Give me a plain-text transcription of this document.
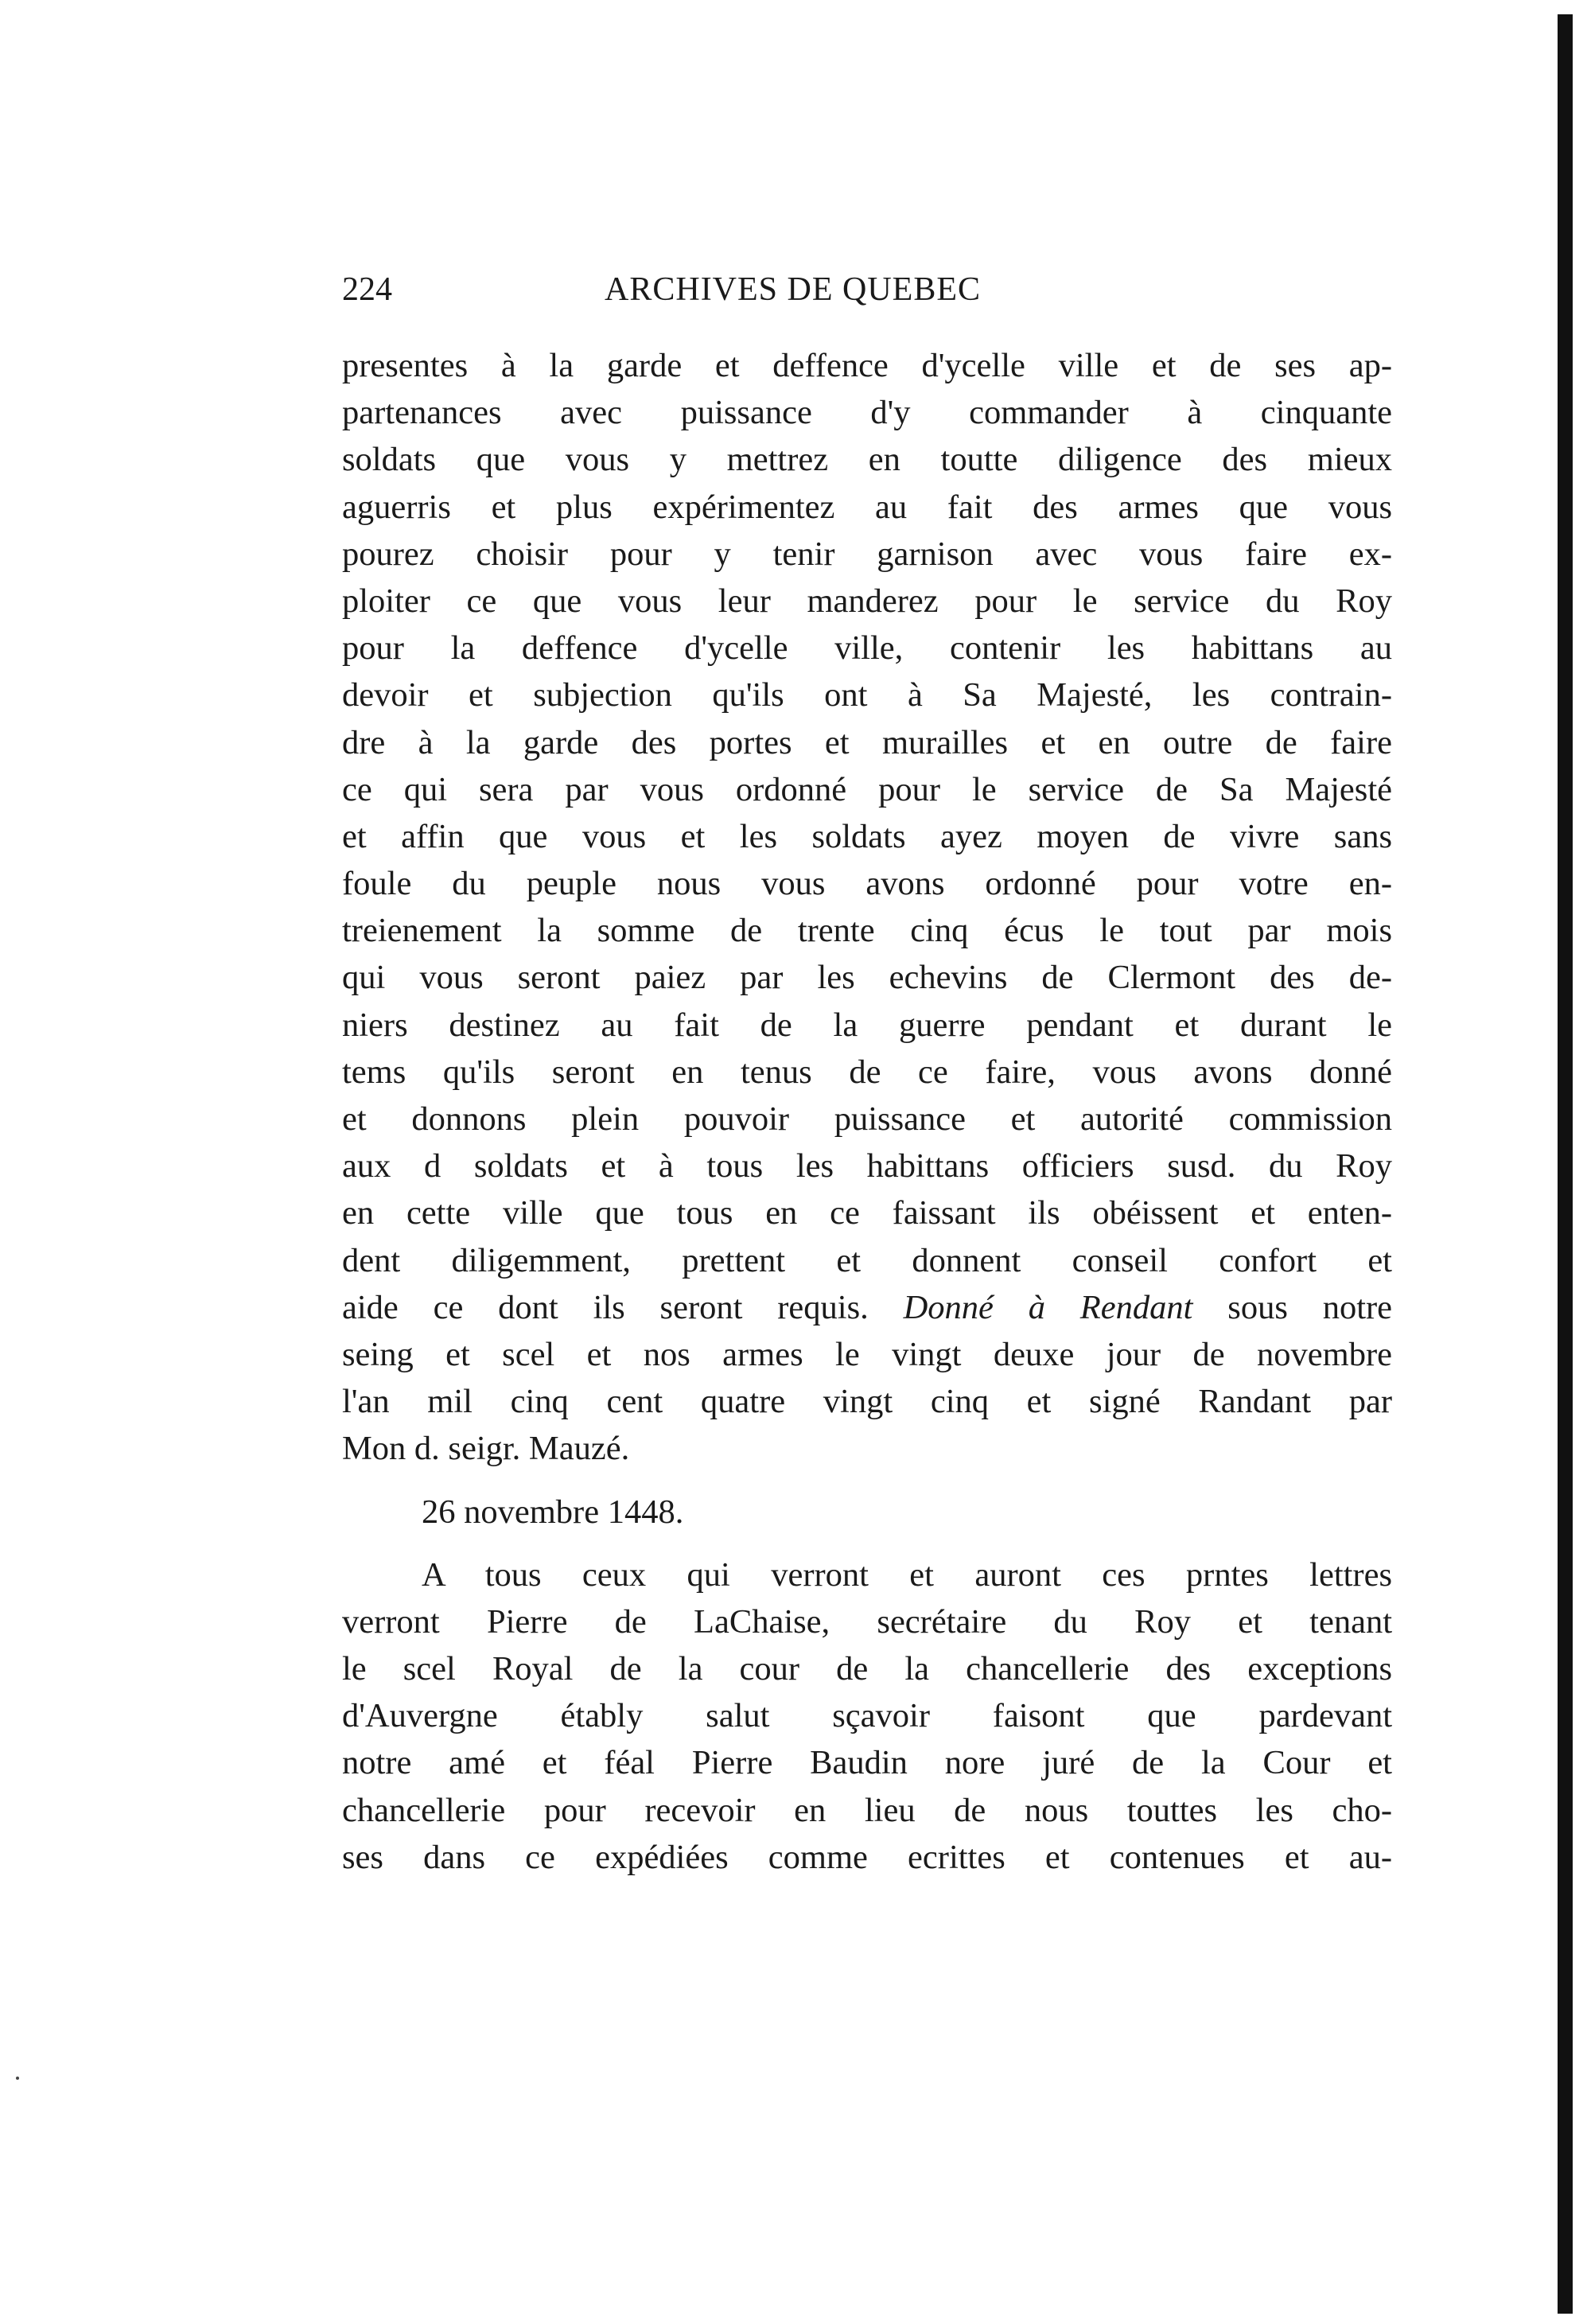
224	ARCHIVES DE QUEBEC
presentes à la garde et deffence d'ycelle ville et de ses ap-
partenances avec puissance d'y commander à cinquante
soldats que vous y mettrez en toutte diligence des mieux
aguerris et plus expérimentez au fait des armes que vous
pourez choisir pour y tenir garnison avec vous faire ex-
ploiter ce que vous leur manderez pour le service du Roy
pour la deffence d'ycelle ville, contenir les habittans au
devoir et subjection qu'ils ont à Sa Majesté, les contrain-
dre à la garde des portes et murailles et en outre de faire
ce qui sera par vous ordonné pour le service de Sa Majesté
et affin que vous et les soldats ayez moyen de vivre sans
foule du peuple nous vous avons ordonné pour votre en-
treienement la somme de trente cinq écus le tout par mois
qui vous seront paiez par les echevins de Clermont des de-
niers destinez au fait de la guerre pendant et durant le
tems qu'ils seront en tenus de ce faire, vous avons donné
et donnons plein pouvoir puissance et autorité commission
aux d soldats et à tous les habittans officiers susd. du Roy
en cette ville que tous en ce faissant ils obéissent et enten-
dent diligemment, prettent et donnent conseil confort et
aide ce dont ils seront requis. Donné à Rendant sous notre
seing et scel et nos armes le vingt deuxe jour de novembre
l'an mil cinq cent quatre vingt cinq et signé Randant par
Mon d. seigr. Mauzé.
26 novembre 1448.
A tous ceux qui verront et auront ces prntes lettres
verront Pierre de LaChaise, secrétaire du Roy et tenant
le scel Royal de la cour de la chancellerie des exceptions
d'Auvergne étably salut sçavoir faisont que pardevant
notre amé et féal Pierre Baudin nore juré de la Cour et
chancellerie pour recevoir en lieu de nous touttes les cho-
ses dans ce expédiées comme ecrittes et contenues et au-
